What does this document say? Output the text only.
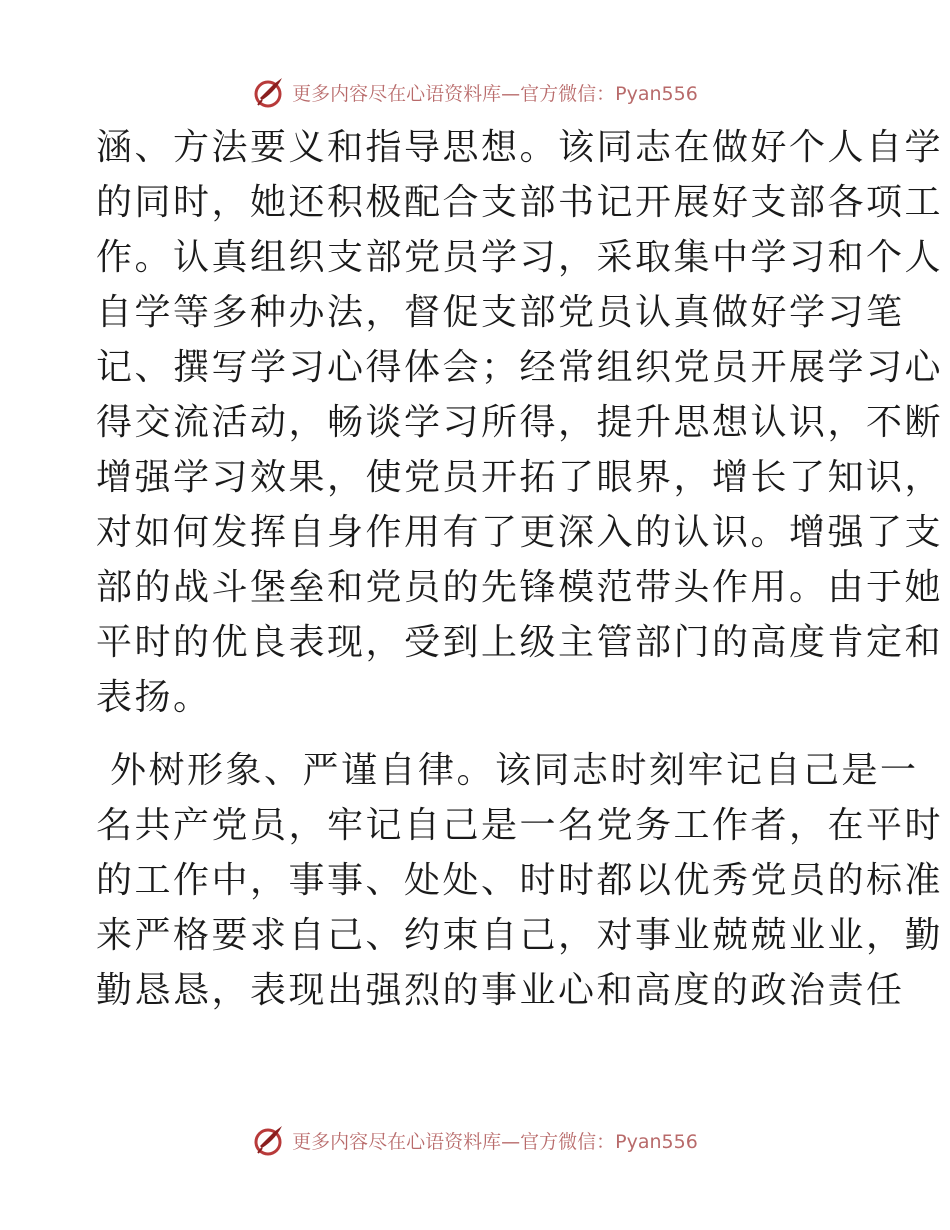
更多内容尽在心语资料库—官方微信：Pyan556

涵、方法要义和指导思想。该同志在做好个人自学
的同时，她还积极配合支部书记开展好支部各项工
作。认真组织支部党员学习，采取集中学习和个人
自学等多种办法，督促支部党员认真做好学习笔
记、撰写学习心得体会；经常组织党员开展学习心
得交流活动，畅谈学习所得，提升思想认识，不断
增强学习效果，使党员开拓了眼界，增长了知识，
对如何发挥自身作用有了更深入的认识。增强了支
部的战斗堡垒和党员的先锋模范带头作用。由于她
平时的优良表现，受到上级主管部门的高度肯定和
表扬。

外树形象、严谨自律。该同志时刻牢记自己是一
名共产党员，牢记自己是一名党务工作者，在平时
的工作中，事事、处处、时时都以优秀党员的标准
来严格要求自己、约束自己，对事业兢兢业业，勤
勤恳恳，表现出强烈的事业心和高度的政治责任

更多内容尽在心语资料库—官方微信：Pyan556
